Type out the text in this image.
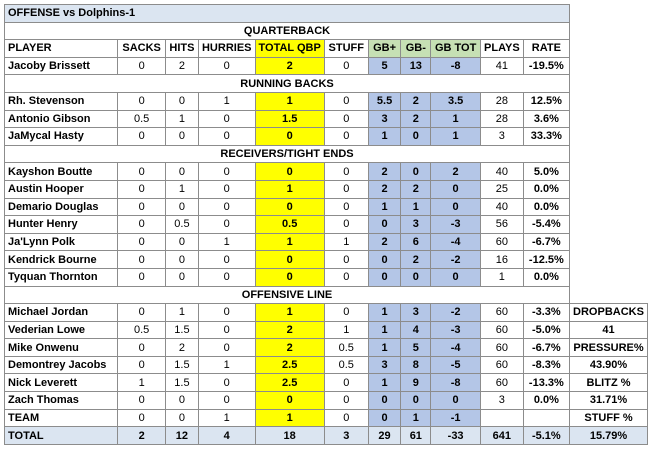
OFFENSE vs Dolphins-1											
QUARTERBACK											
PLAYER	SACKS	HITS	HURRIES	TOTAL QBP	STUFF	GB+	GB-	GB TOT	PLAYS	RATE	
Jacoby Brissett	0	2	0	2	0	5	13	-8	41	-19.5%	
RUNNING BACKS											
Rh. Stevenson	0	0	1	1	0	5.5	2	3.5	28	12.5%	
Antonio Gibson	0.5	1	0	1.5	0	3	2	1	28	3.6%	
JaMycal Hasty	0	0	0	0	0	1	0	1	3	33.3%	
RECEIVERS/TIGHT ENDS											
Kayshon Boutte	0	0	0	0	0	2	0	2	40	5.0%	
Austin Hooper	0	1	0	1	0	2	2	0	25	0.0%	
Demario Douglas	0	0	0	0	0	1	1	0	40	0.0%	
Hunter Henry	0	0.5	0	0.5	0	0	3	-3	56	-5.4%	
Ja'Lynn Polk	0	0	1	1	1	2	6	-4	60	-6.7%	
Kendrick Bourne	0	0	0	0	0	0	2	-2	16	-12.5%	
Tyquan Thornton	0	0	0	0	0	0	0	0	1	0.0%	
OFFENSIVE LINE											
Michael Jordan	0	1	0	1	0	1	3	-2	60	-3.3%	DROPBACKS
Vederian Lowe	0.5	1.5	0	2	1	1	4	-3	60	-5.0%	41
Mike Onwenu	0	2	0	2	0.5	1	5	-4	60	-6.7%	PRESSURE%
Demontrey Jacobs	0	1.5	1	2.5	0.5	3	8	-5	60	-8.3%	43.90%
Nick Leverett	1	1.5	0	2.5	0	1	9	-8	60	-13.3%	BLITZ %
Zach Thomas	0	0	0	0	0	0	0	0	3	0.0%	31.71%
TEAM	0	0	1	1	0	0	1	-1			STUFF %
TOTAL	2	12	4	18	3	29	61	-33	641	-5.1%	15.79%
